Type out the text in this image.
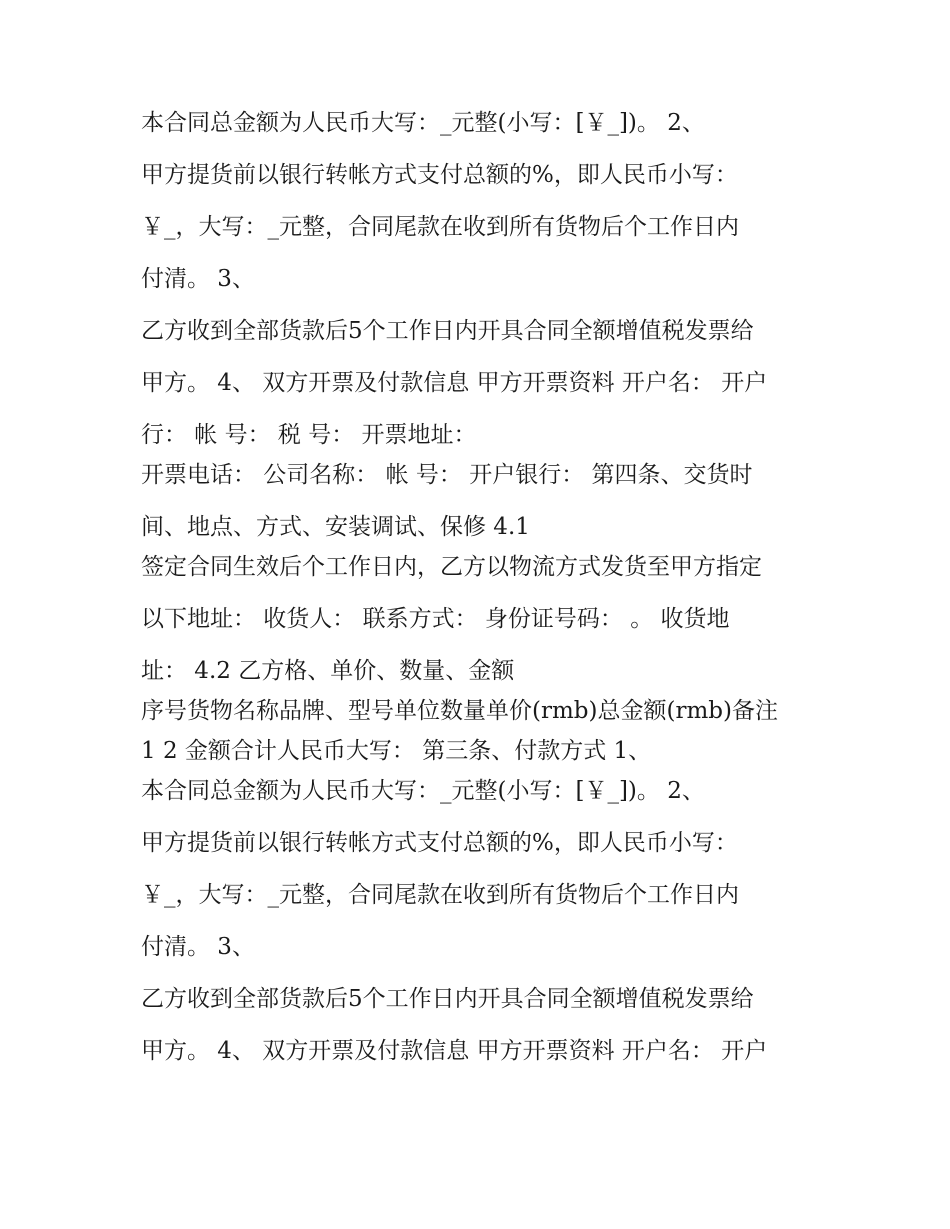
本合同总金额为人民币大写：_元整(小写：[￥_])。 2、
甲方提货前以银行转帐方式支付总额的%，即人民币小写：
￥_，大写：_元整，合同尾款在收到所有货物后个工作日内
付清。 3、
乙方收到全部货款后5个工作日内开具合同全额增值税发票给
甲方。 4、 双方开票及付款信息 甲方开票资料 开户名： 开户
行： 帐 号： 税 号： 开票地址：
开票电话： 公司名称： 帐 号： 开户银行： 第四条、交货时
间、地点、方式、安装调试、保修 4.1
签定合同生效后个工作日内，乙方以物流方式发货至甲方指定
以下地址： 收货人： 联系方式： 身份证号码： 。 收货地
址： 4.2 乙方格、单价、数量、金额
序号货物名称品牌、型号单位数量单价(rmb)总金额(rmb)备注
1 2 金额合计人民币大写： 第三条、付款方式 1、
本合同总金额为人民币大写：_元整(小写：[￥_])。 2、
甲方提货前以银行转帐方式支付总额的%，即人民币小写：
￥_，大写：_元整，合同尾款在收到所有货物后个工作日内
付清。 3、
乙方收到全部货款后5个工作日内开具合同全额增值税发票给
甲方。 4、 双方开票及付款信息 甲方开票资料 开户名： 开户
